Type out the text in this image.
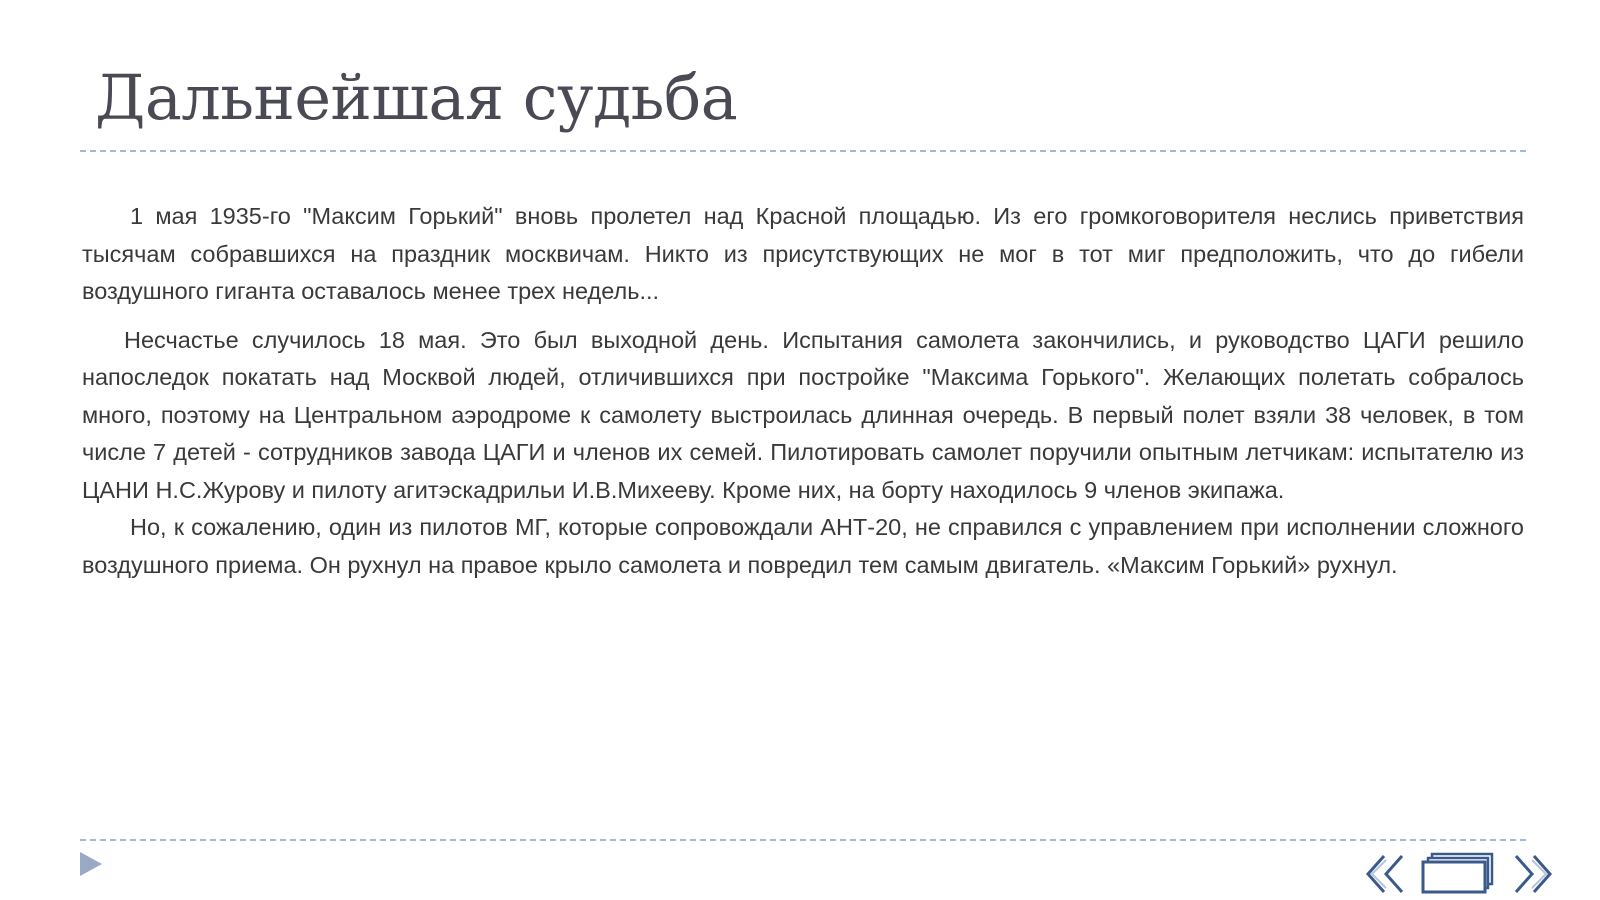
Дальнейшая судьба

1 мая 1935-го "Максим Горький" вновь пролетел над Красной площадью. Из его громкоговорителя неслись приветствия тысячам собравшихся на праздник москвичам. Никто из присутствующих не мог в тот миг предположить, что до гибели воздушного гиганта оставалось менее трех недель...

Несчастье случилось 18 мая. Это был выходной день. Испытания самолета закончились, и руководство ЦАГИ решило напоследок покатать над Москвой людей, отличившихся при постройке "Максима Горького". Желающих полетать собралось много, поэтому на Центральном аэродроме к самолету выстроилась длинная очередь. В первый полет взяли 38 человек, в том числе 7 детей - сотрудников завода ЦАГИ и членов их семей. Пилотировать самолет поручили опытным летчикам: испытателю из ЦАНИ Н.С.Журову и пилоту агитэскадрильи И.В.Михееву. Кроме них, на борту находилось 9 членов экипажа.

Но, к сожалению, один из пилотов МГ, которые сопровождали АНТ-20, не справился с управлением при исполнении сложного воздушного приема. Он рухнул на правое крыло самолета и повредил тем самым двигатель. «Максим Горький» рухнул.
